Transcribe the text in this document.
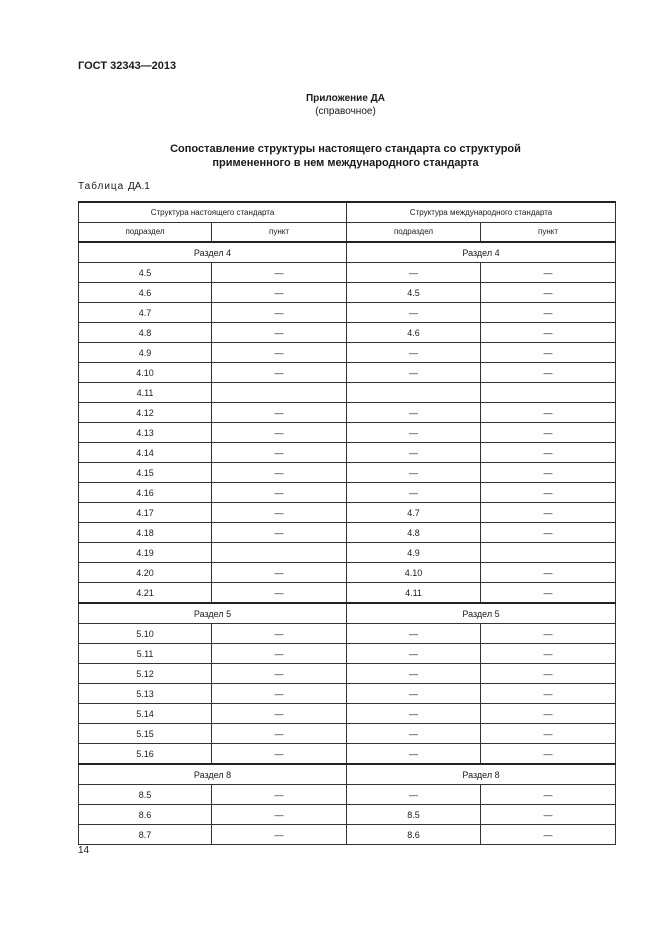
ГОСТ 32343—2013
Приложение ДА
(справочное)
Сопоставление структуры настоящего стандарта со структурой
примененного в нем международного стандарта
Таблица ДА.1
Структура настоящего стандарта		Структура международного стандарта	
подраздел	пункт	подраздел	пункт
Раздел 4		Раздел 4	
4.5	—	—	—
4.6	—	4.5	—
4.7	—	—	—
4.8	—	4.6	—
4.9	—	—	—
4.10	—	—	—
4.11			
4.12	—	—	—
4.13	—	—	—
4.14	—	—	—
4.15	—	—	—
4.16	—	—	—
4.17	—	4.7	—
4.18	—	4.8	—
4.19		4.9	
4.20	—	4.10	—
4.21	—	4.11	—
Раздел 5		Раздел 5	
5.10	—	—	—
5.11	—	—	—
5.12	—	—	—
5.13	—	—	—
5.14	—	—	—
5.15	—	—	—
5.16	—	—	—
Раздел 8		Раздел 8	
8.5	—	—	—
8.6	—	8.5	—
8.7	—	8.6	—
14
